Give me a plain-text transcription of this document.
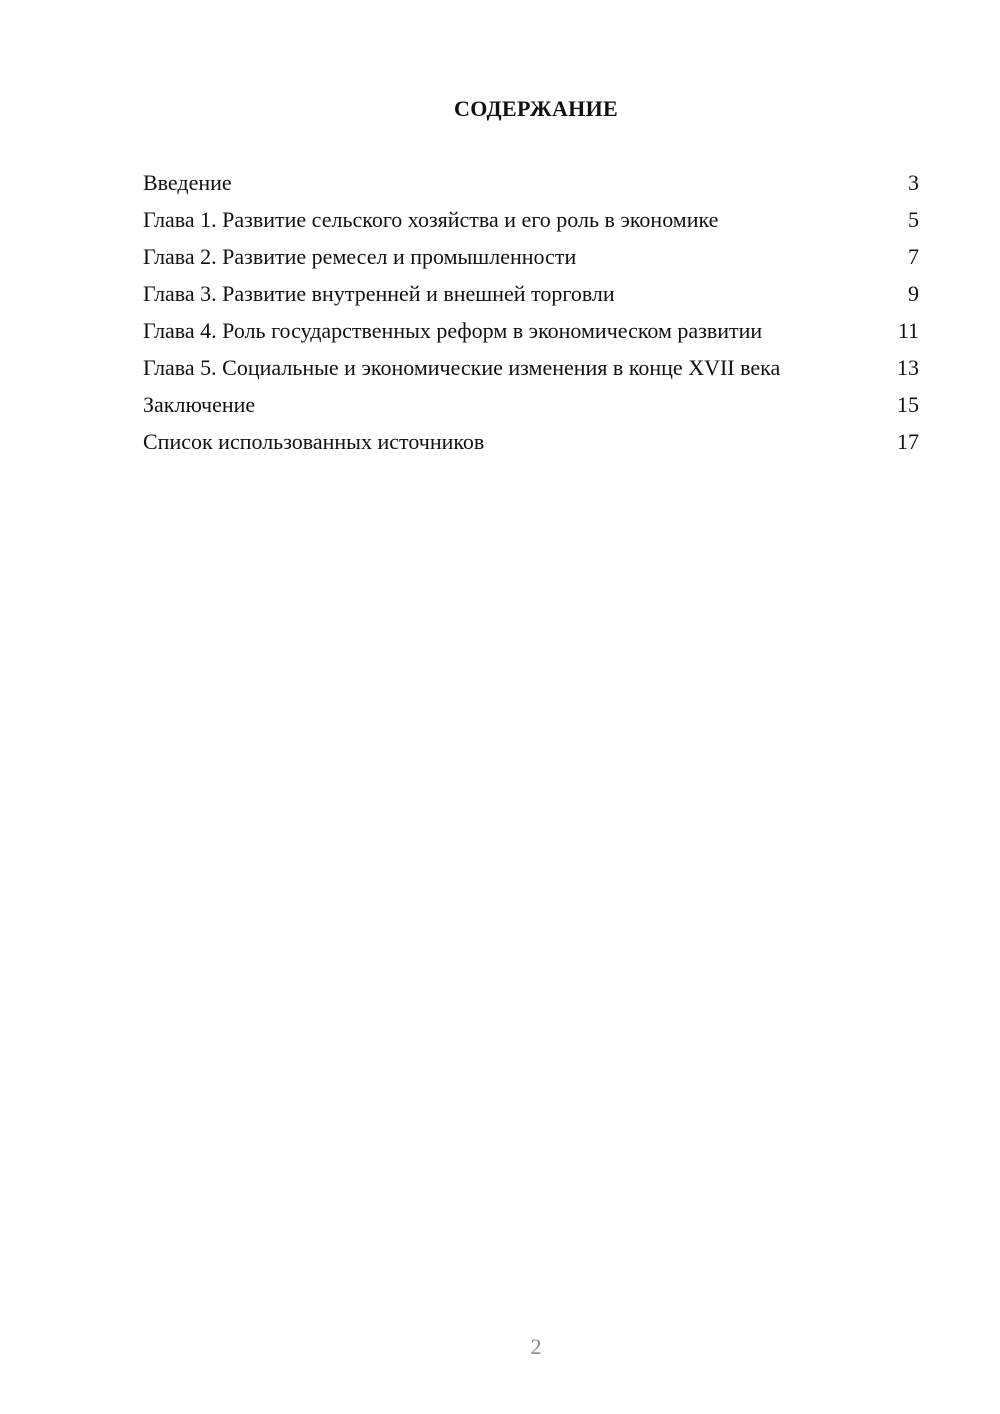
СОДЕРЖАНИЕ
Введение	3
Глава 1. Развитие сельского хозяйства и его роль в экономике	5
Глава 2. Развитие ремесел и промышленности	7
Глава 3. Развитие внутренней и внешней торговли	9
Глава 4. Роль государственных реформ в экономическом развитии	11
Глава 5. Социальные и экономические изменения в конце XVII века	13
Заключение	15
Список использованных источников	17
2
